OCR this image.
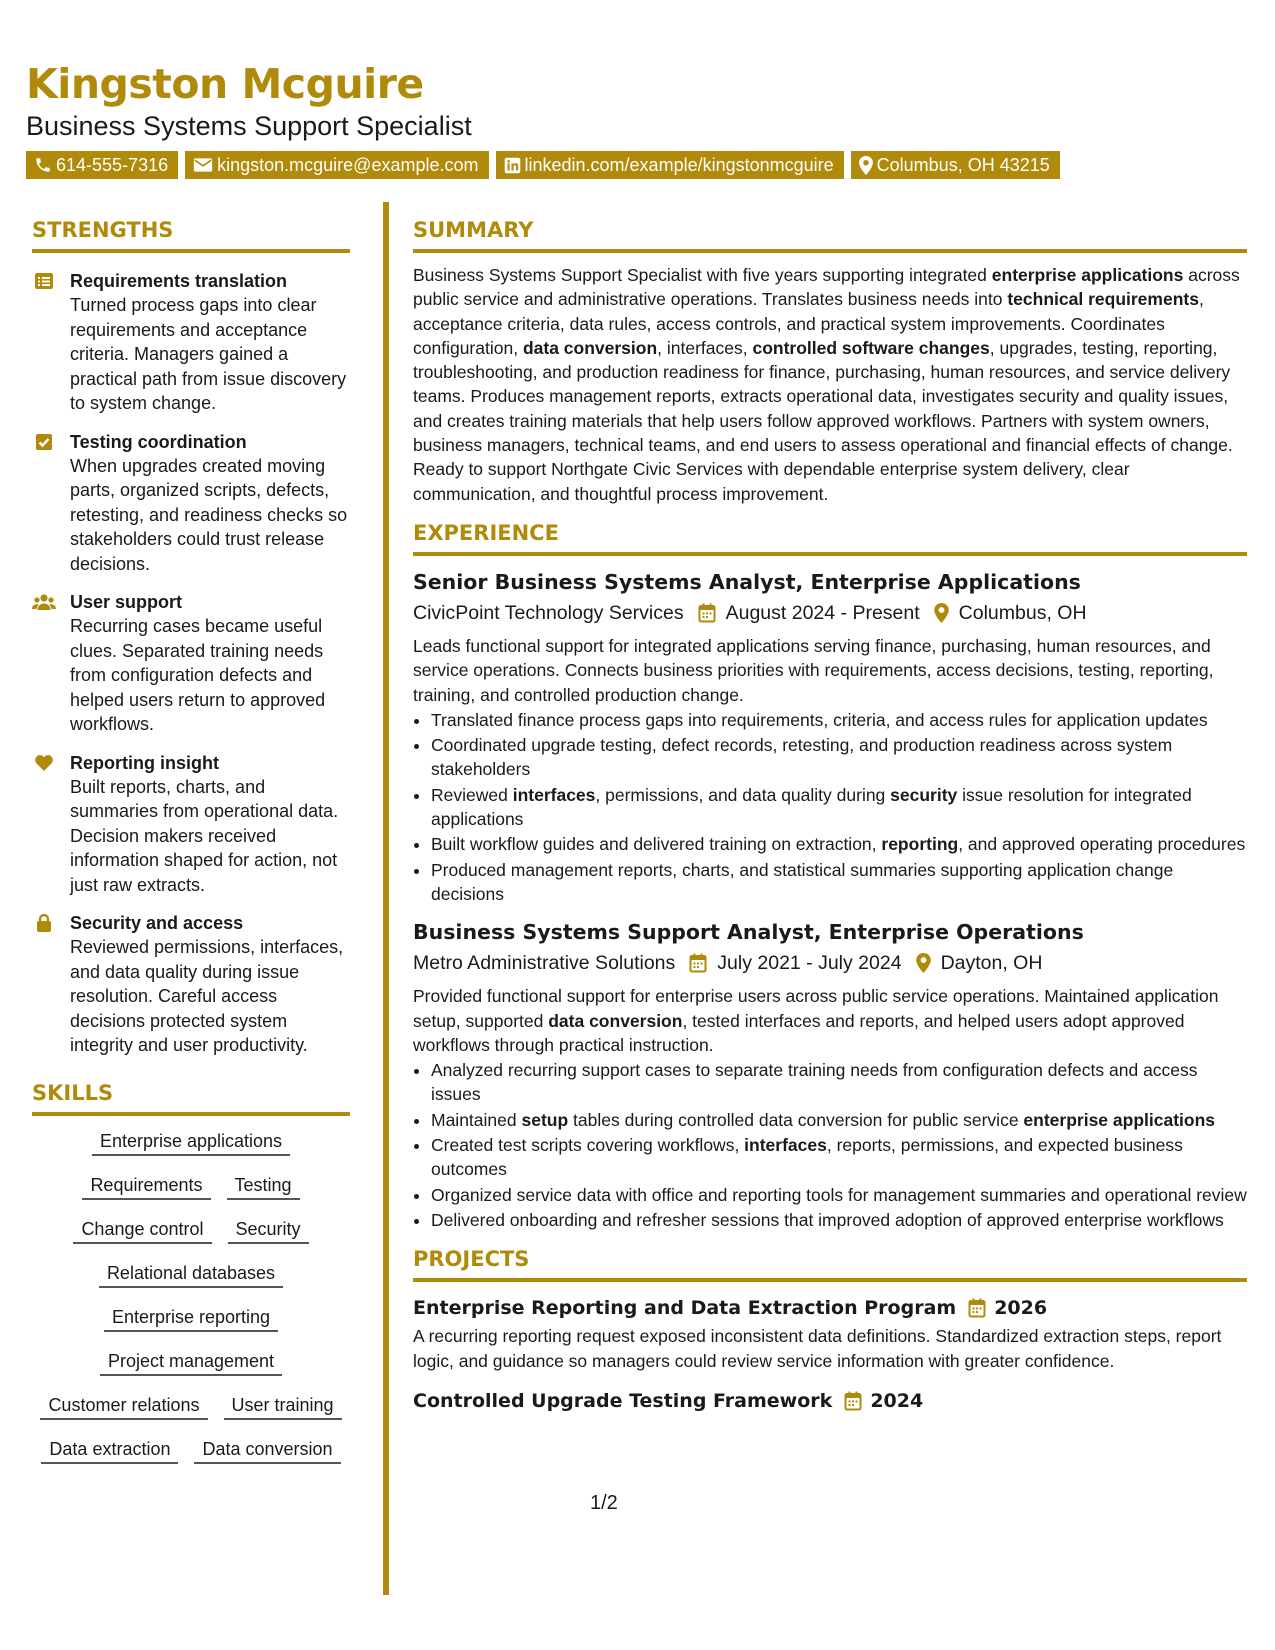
Kingston Mcguire
Business Systems Support Specialist
614-555-7316	kingston.mcguire@example.com	linkedin.com/example/kingstonmcguire Columbus, OH 43215
STRENGTHS
Requirements translation
Turned process gaps into clear requirements and acceptance criteria. Managers gained a practical path from issue discovery to system change.
Testing coordination
When upgrades created moving parts, organized scripts, defects, retesting, and readiness checks so stakeholders could trust release decisions.
User support
Recurring cases became useful clues. Separated training needs from configuration defects and helped users return to approved workflows.
Reporting insight
Built reports, charts, and summaries from operational data. Decision makers received information shaped for action, not just raw extracts.
Security and access
Reviewed permissions, interfaces, and data quality during issue resolution. Careful access decisions protected system integrity and user productivity.
SKILLS
Enterprise applications
Requirements	Testing
Change control	Security
Relational databases
Enterprise reporting
Project management
Customer relations	User training
Data extraction	Data conversion
SUMMARY

Business Systems Support Specialist with five years supporting integrated enterprise applications across public service and administrative operations. Translates business needs into technical requirements, acceptance criteria, data rules, access controls, and practical system improvements. Coordinates configuration, data conversion, interfaces, controlled software changes, upgrades, testing, reporting, troubleshooting, and production readiness for finance, purchasing, human resources, and service delivery teams. Produces management reports, extracts operational data, investigates security and quality issues, and creates training materials that help users follow approved workflows. Partners with system owners, business managers, technical teams, and end users to assess operational and financial effects of change. Ready to support Northgate Civic Services with dependable enterprise system delivery, clear communication, and thoughtful process improvement.

EXPERIENCE
Senior Business Systems Analyst, Enterprise Applications
CivicPoint Technology Services August 2024 - Present Columbus, OH

Leads functional support for integrated applications serving finance, purchasing, human resources, and service operations. Connects business priorities with requirements, access decisions, testing, reporting, training, and controlled production change.

• Translated finance process gaps into requirements, criteria, and access rules for application updates
• Coordinated upgrade testing, defect records, retesting, and production readiness across system stakeholders
• Reviewed interfaces, permissions, and data quality during security issue resolution for integrated applications
• Built workflow guides and delivered training on extraction, reporting, and approved operating procedures
• Produced management reports, charts, and statistical summaries supporting application change decisions
Business Systems Support Analyst, Enterprise Operations
Metro Administrative Solutions July 2021 - July 2024 Dayton, OH

Provided functional support for enterprise users across public service operations. Maintained application setup, supported data conversion, tested interfaces and reports, and helped users adopt approved workflows through practical instruction.

• Analyzed recurring support cases to separate training needs from configuration defects and access issues
• Maintained setup tables during controlled data conversion for public service enterprise applications
• Created test scripts covering workflows, interfaces, reports, permissions, and expected business outcomes
• Organized service data with office and reporting tools for management summaries and operational review
• Delivered onboarding and refresher sessions that improved adoption of approved enterprise workflows
PROJECTS
Enterprise Reporting and Data Extraction Program 2026

A recurring reporting request exposed inconsistent data definitions. Standardized extraction steps, report logic, and guidance so managers could review service information with greater confidence.

Controlled Upgrade Testing Framework 2024
1/2
